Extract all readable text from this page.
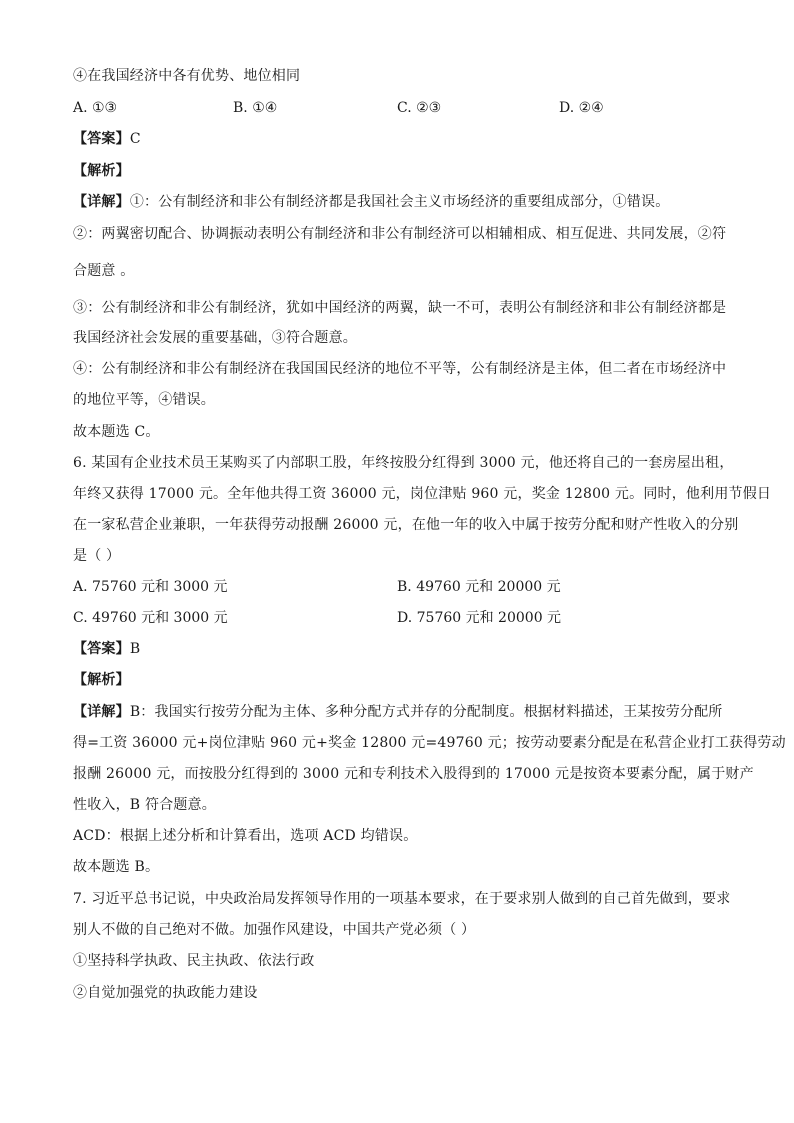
④在我国经济中各有优势、地位相同
A. ①③	B. ①④	C. ②③	D. ②④
【答案】C
【解析】
【详解】①：公有制经济和非公有制经济都是我国社会主义市场经济的重要组成部分，①错误。
②：两翼密切配合、协调振动表明公有制经济和非公有制经济可以相辅相成、相互促进、共同发展，②符
合题意 。
③：公有制经济和非公有制经济，犹如中国经济的两翼，缺一不可，表明公有制经济和非公有制经济都是
我国经济社会发展的重要基础，③符合题意。
④：公有制经济和非公有制经济在我国国民经济的地位不平等，公有制经济是主体，但二者在市场经济中
的地位平等，④错误。
故本题选 C。
6. 某国有企业技术员王某购买了内部职工股，年终按股分红得到 3000 元，他还将自己的一套房屋出租，
年终又获得 17000 元。全年他共得工资 36000 元，岗位津贴 960 元，奖金 12800 元。同时，他利用节假日
在一家私营企业兼职，一年获得劳动报酬 26000 元，在他一年的收入中属于按劳分配和财产性收入的分别
是（ ）
A. 75760 元和 3000 元	B. 49760 元和 20000 元
C. 49760 元和 3000 元	D. 75760 元和 20000 元
【答案】B
【解析】
【详解】B：我国实行按劳分配为主体、多种分配方式并存的分配制度。根据材料描述，王某按劳分配所
得=工资 36000 元+岗位津贴 960 元+奖金 12800 元=49760 元；按劳动要素分配是在私营企业打工获得劳动
报酬 26000 元，而按股分红得到的 3000 元和专利技术入股得到的 17000 元是按资本要素分配，属于财产
性收入，B 符合题意。
ACD：根据上述分析和计算看出，选项 ACD 均错误。
故本题选 B。
7. 习近平总书记说，中央政治局发挥领导作用的一项基本要求，在于要求别人做到的自己首先做到，要求
别人不做的自己绝对不做。加强作风建设，中国共产党必须（ ）
①坚持科学执政、民主执政、依法行政
②自觉加强党的执政能力建设
